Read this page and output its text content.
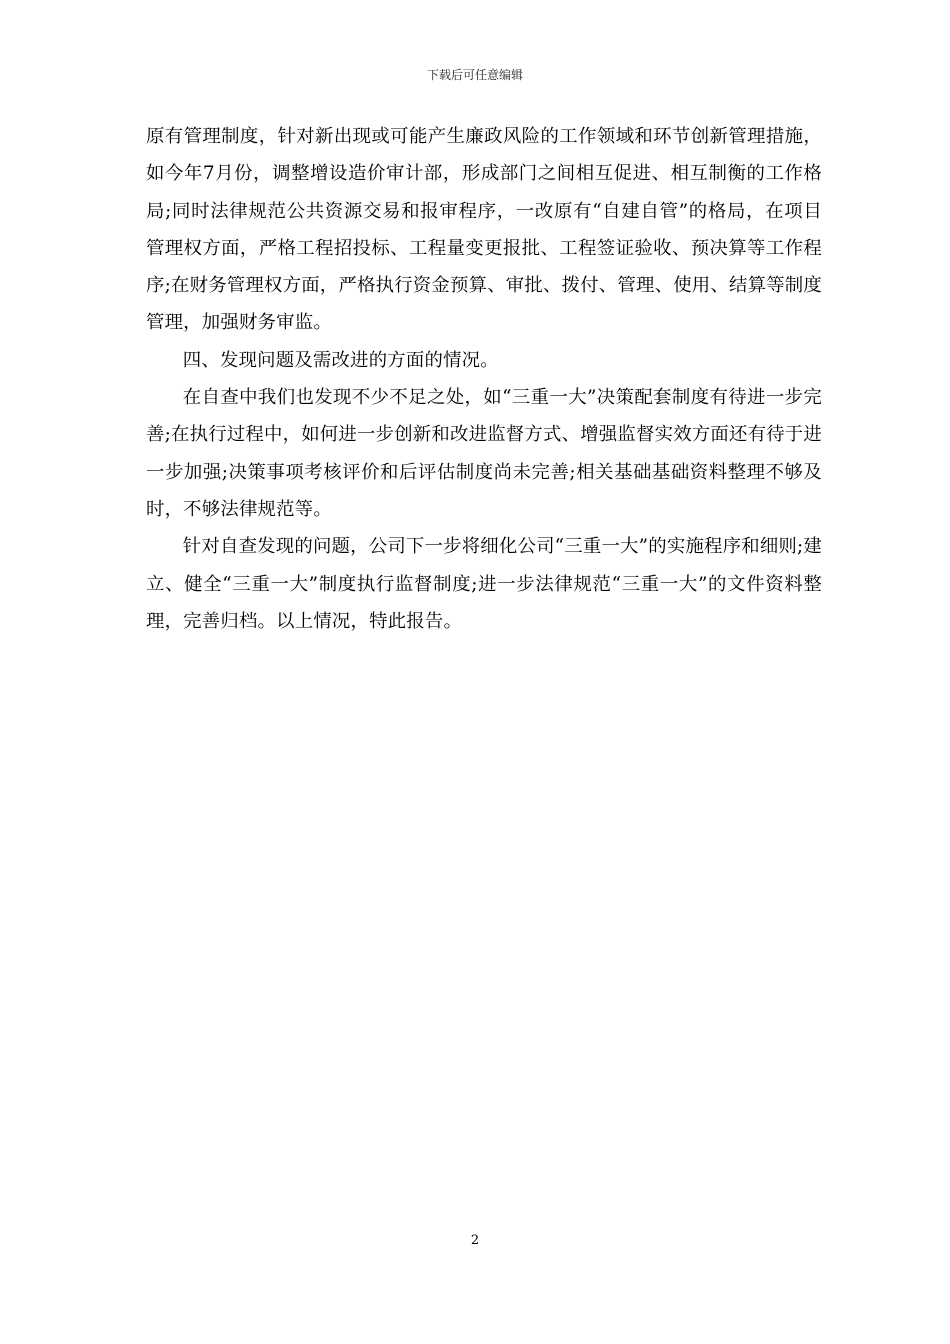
下载后可任意编辑

原有管理制度，针对新出现或可能产生廉政风险的工作领域和环节创新管理措施，如今年7月份，调整增设造价审计部，形成部门之间相互促进、相互制衡的工作格局;同时法律规范公共资源交易和报审程序，一改原有“自建自管”的格局，在项目管理权方面，严格工程招投标、工程量变更报批、工程签证验收、预决算等工作程序;在财务管理权方面，严格执行资金预算、审批、拨付、管理、使用、结算等制度管理，加强财务审监。

四、发现问题及需改进的方面的情况。

在自查中我们也发现不少不足之处，如“三重一大”决策配套制度有待进一步完善;在执行过程中，如何进一步创新和改进监督方式、增强监督实效方面还有待于进一步加强;决策事项考核评价和后评估制度尚未完善;相关基础基础资料整理不够及时，不够法律规范等。

针对自查发现的问题，公司下一步将细化公司“三重一大”的实施程序和细则;建立、健全“三重一大”制度执行监督制度;进一步法律规范“三重一大”的文件资料整理，完善归档。以上情况，特此报告。

2
